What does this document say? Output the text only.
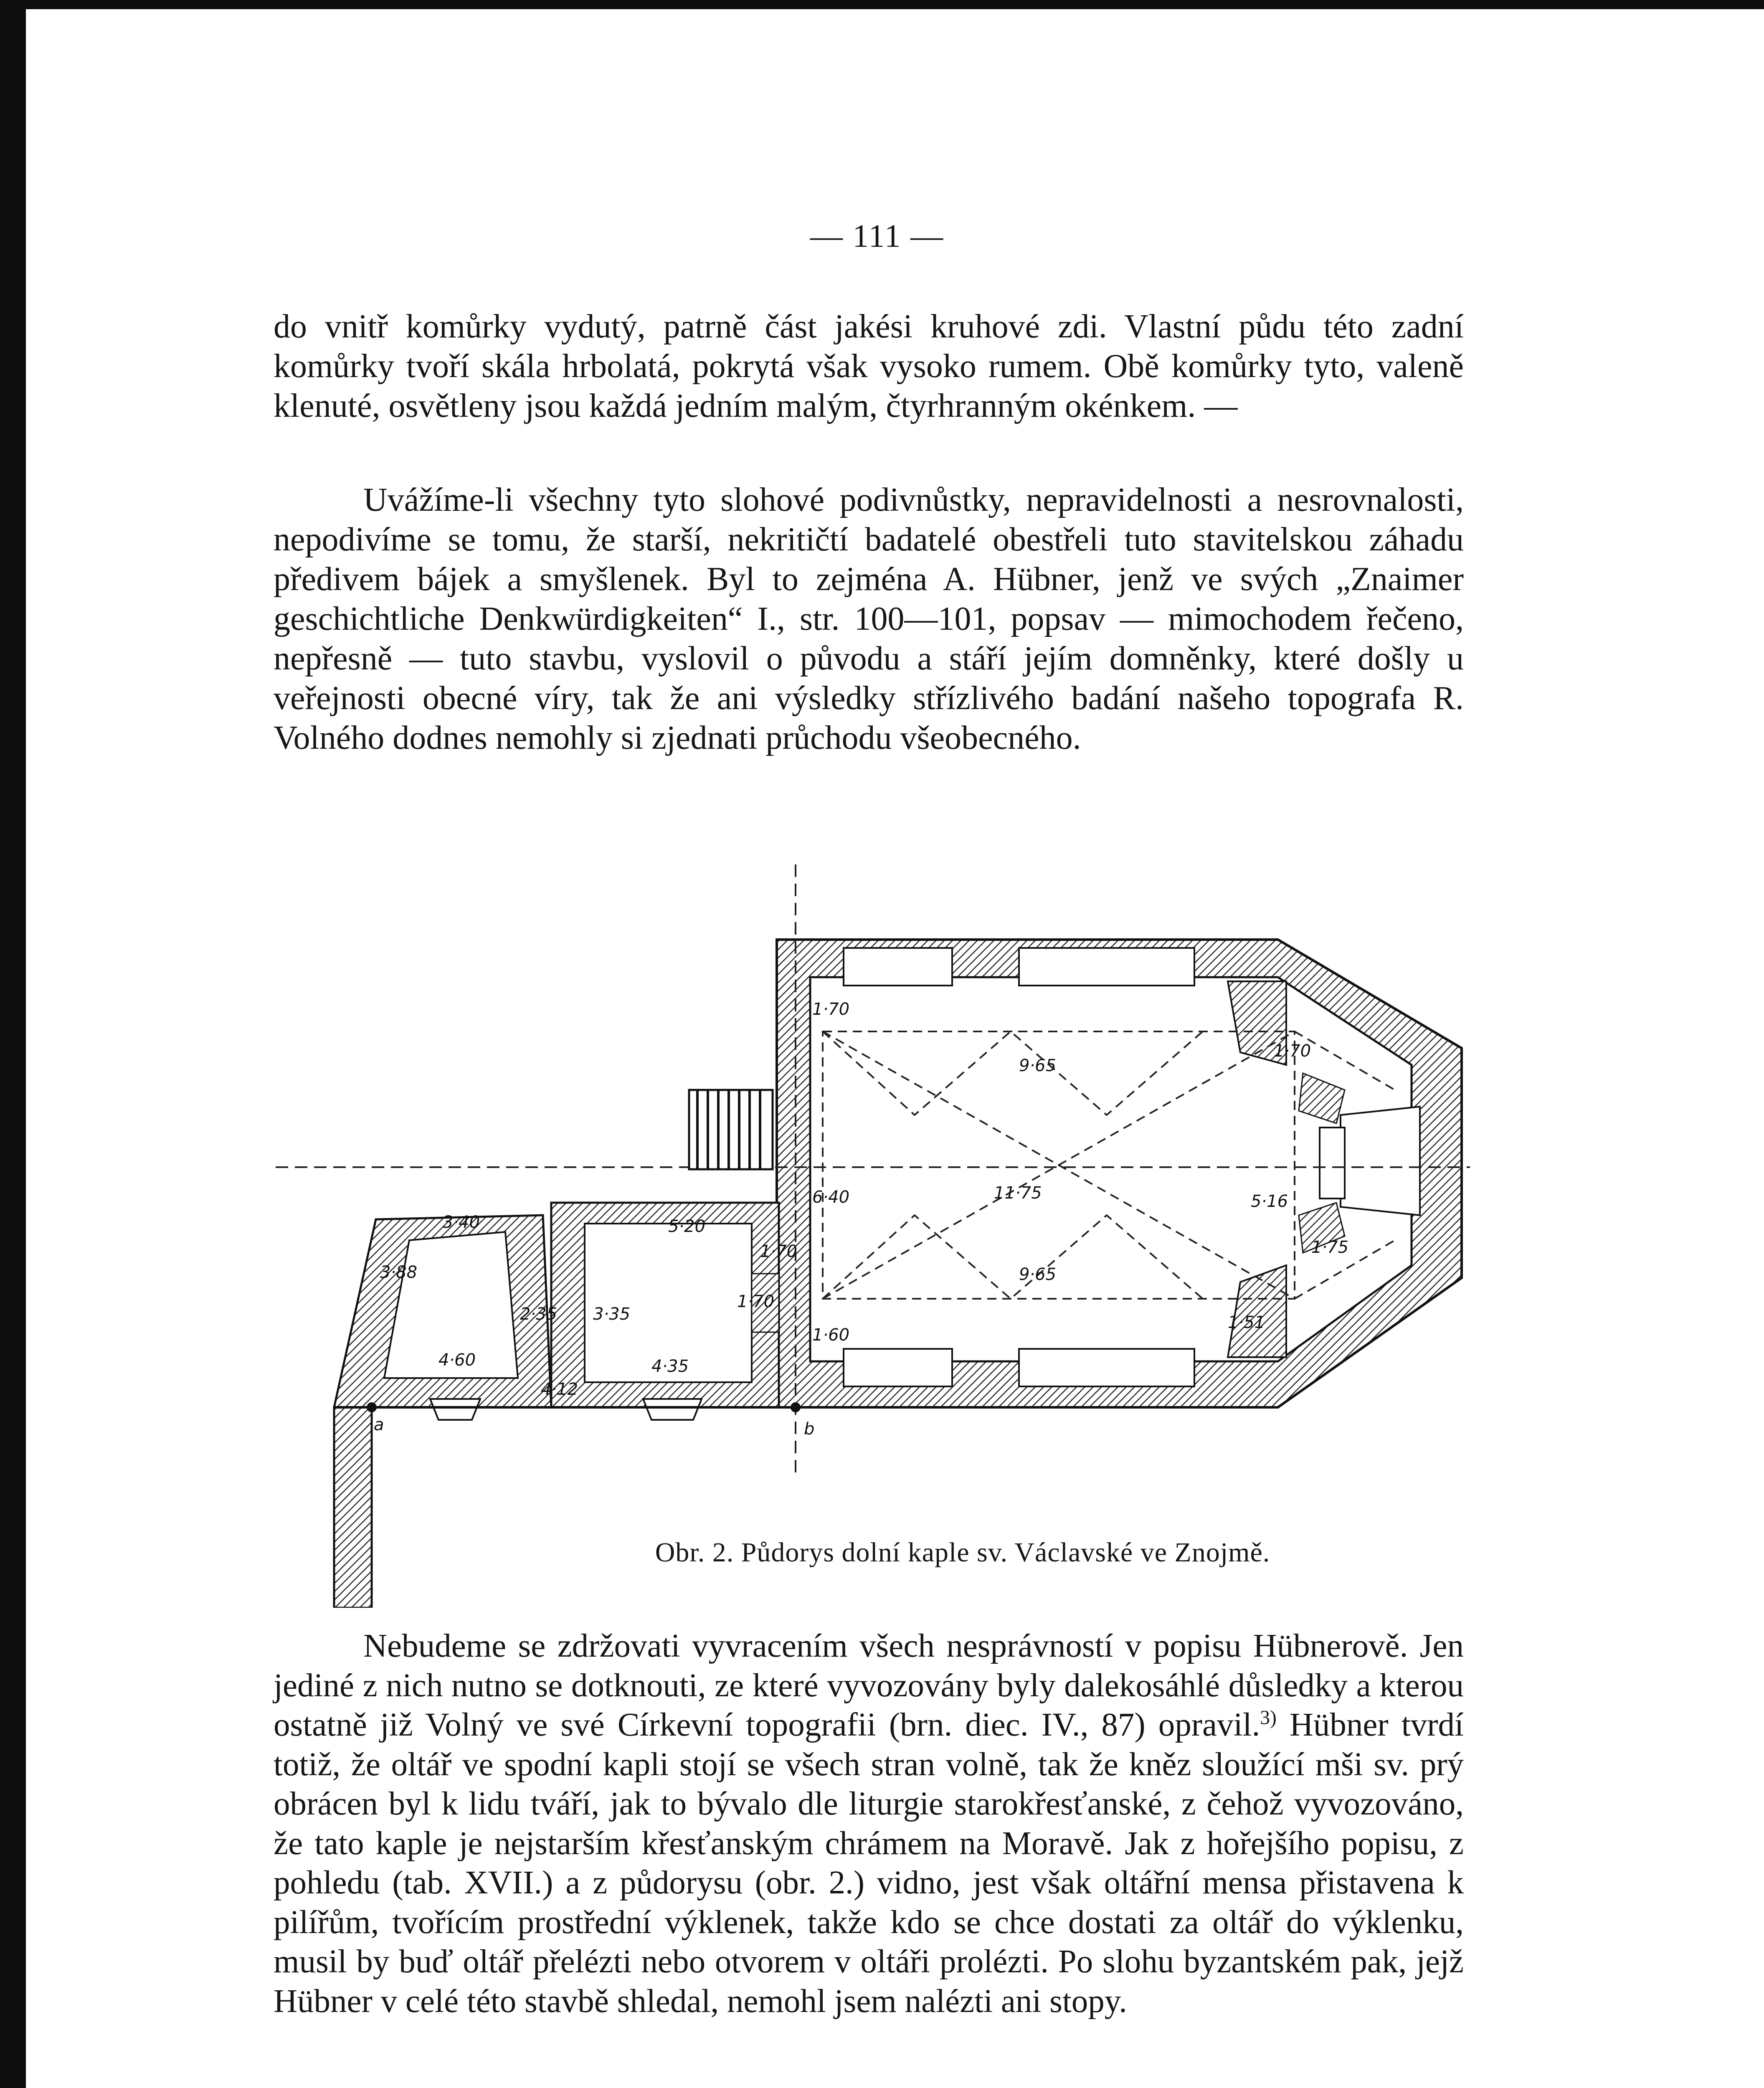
— 111 —

do vnitř komůrky vydutý, patrně část jakési kruhové zdi. Vlastní půdu této zadní komůrky tvoří skála hrbolatá, pokrytá však vysoko rumem. Obě komůrky tyto, valeně klenuté, osvětleny jsou každá jedním malým, čtyrhranným okénkem. —

Uvážíme-li všechny tyto slohové podivnůstky, nepravidelnosti a nesrovnalosti, nepodivíme se tomu, že starší, nekritičtí badatelé obestřeli tuto stavitelskou záhadu předivem bájek a smyšlenek. Byl to zejména A. Hübner, jenž ve svých „Znaimer geschichtliche Denkwürdigkeiten“ I., str. 100—101, popsav — mimochodem řečeno, nepřesně — tuto stavbu, vyslovil o původu a stáří jejím domněnky, které došly u veřejnosti obecné víry, tak že ani výsledky střízlivého badání našeho topografa R. Volného dodnes nemohly si zjednati průchodu všeobecného.

a	b
9·65
9·65
11·75
6·40	5·16
1·70
1·75
1·51
1·70
1·60
1·70
1·70
5·20
4·35
3·35
4·60
3·40
2·35
3·88
4·12
Obr. 2. Půdorys dolní kaple sv. Václavské ve Znojmě.

Nebudeme se zdržovati vyvracením všech nesprávností v popisu Hübnerově. Jen jediné z nich nutno se dotknouti, ze které vyvozovány byly dalekosáhlé důsledky a kterou ostatně již Volný ve své Církevní topografii (brn. diec. IV., 87) opravil.$^{3)}$ Hübner tvrdí totiž, že oltář ve spodní kapli stojí se všech stran volně, tak že kněz sloužící mši sv. prý obrácen byl k lidu tváří, jak to bývalo dle liturgie starokřesťanské, z čehož vyvozováno, že tato kaple je nejstarším křesťanským chrámem na Moravě. Jak z hořejšího popisu, z pohledu (tab. XVII.) a z půdorysu (obr. 2.) vidno, jest však oltářní mensa přistavena k pilířům, tvořícím prostřední výklenek, takže kdo se chce dostati za oltář do výklenku, musil by buď oltář přelézti nebo otvorem v oltáři prolézti. Po slohu byzantském pak, jejž Hübner v celé této stavbě shledal, nemohl jsem nalézti ani stopy.
